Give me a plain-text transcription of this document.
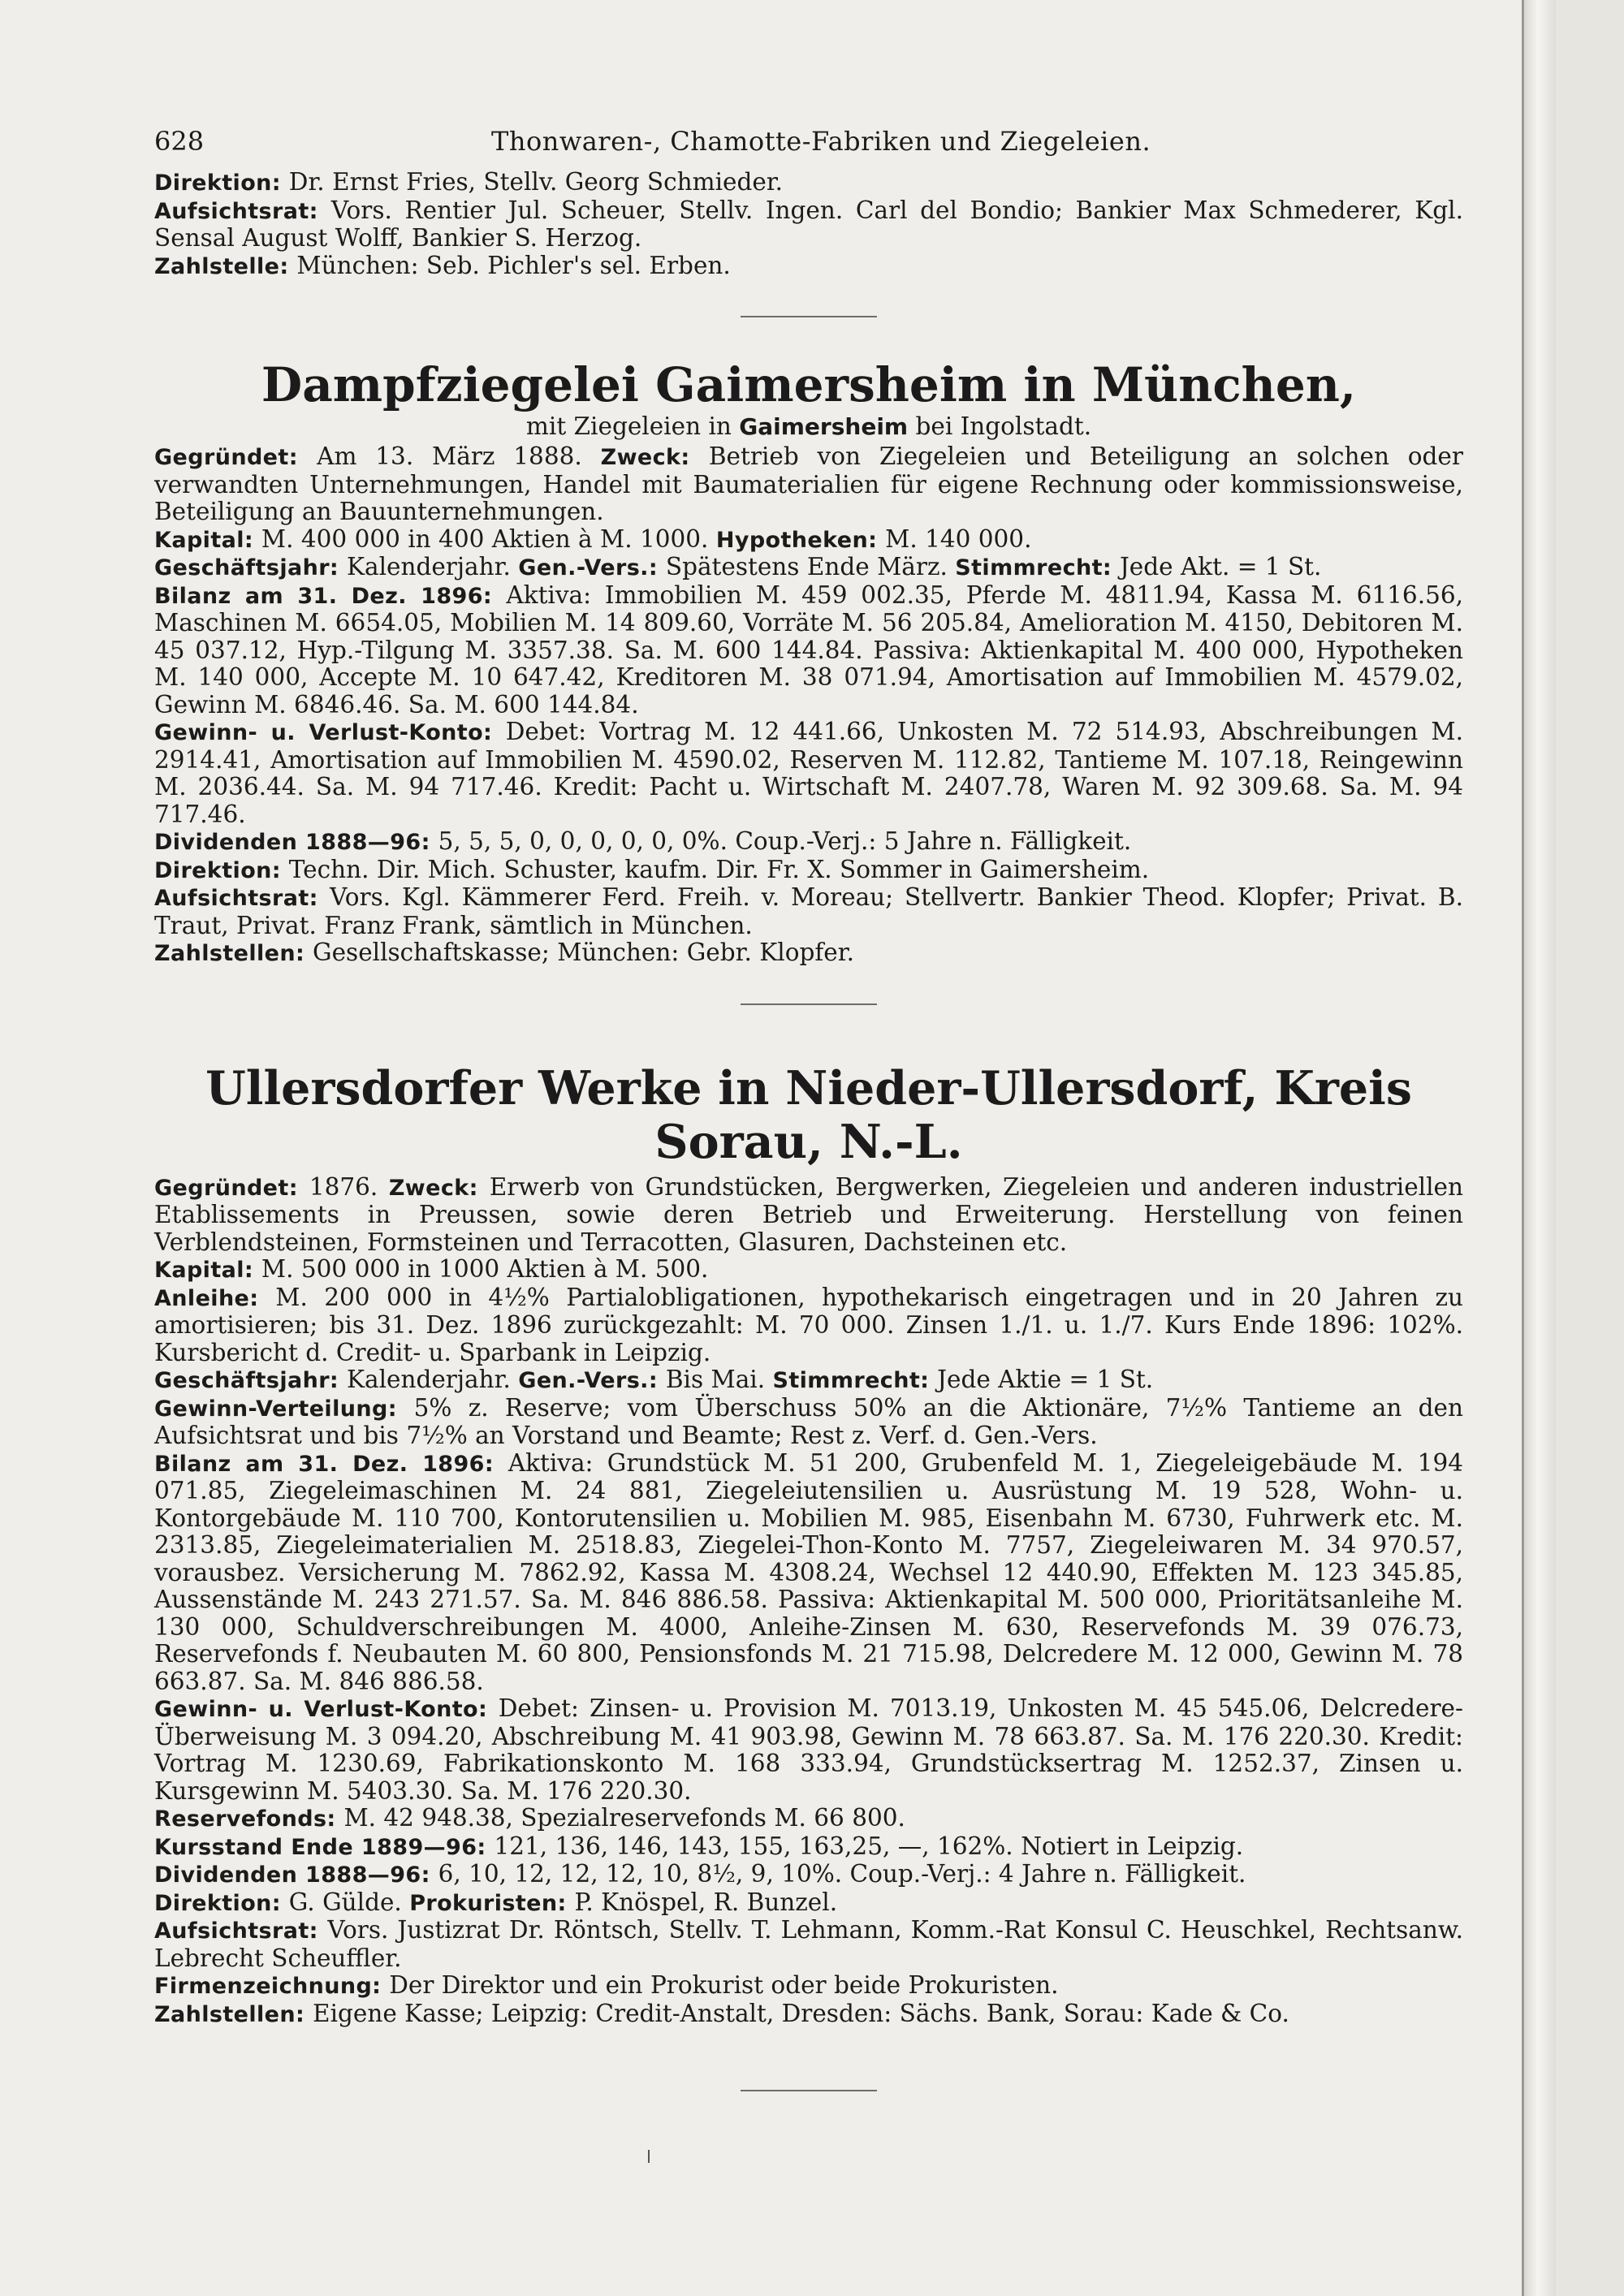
628	Thonwaren-, Chamotte-Fabriken und Ziegeleien.

Direktion: Dr. Ernst Fries, Stellv. Georg Schmieder.

Aufsichtsrat: Vors. Rentier Jul. Scheuer, Stellv. Ingen. Carl del Bondio; Bankier Max Schmederer, Kgl. Sensal August Wolff, Bankier S. Herzog.

Zahlstelle: München: Seb. Pichler's sel. Erben.

Dampfziegelei Gaimersheim in München,
mit Ziegeleien in Gaimersheim bei Ingolstadt.

Gegründet: Am 13. März 1888. Zweck: Betrieb von Ziegeleien und Beteiligung an solchen oder verwandten Unternehmungen, Handel mit Baumaterialien für eigene Rechnung oder kommissionsweise, Beteiligung an Bauunternehmungen.

Kapital: M. 400 000 in 400 Aktien à M. 1000. Hypotheken: M. 140 000.

Geschäftsjahr: Kalenderjahr. Gen.-Vers.: Spätestens Ende März. Stimmrecht: Jede Akt. = 1 St.

Bilanz am 31. Dez. 1896: Aktiva: Immobilien M. 459 002.35, Pferde M. 4811.94, Kassa M. 6116.56, Maschinen M. 6654.05, Mobilien M. 14 809.60, Vorräte M. 56 205.84, Amelioration M. 4150, Debitoren M. 45 037.12, Hyp.-Tilgung M. 3357.38. Sa. M. 600 144.84. Passiva: Aktienkapital M. 400 000, Hypotheken M. 140 000, Accepte M. 10 647.42, Kreditoren M. 38 071.94, Amortisation auf Immobilien M. 4579.02, Gewinn M. 6846.46. Sa. M. 600 144.84.

Gewinn- u. Verlust-Konto: Debet: Vortrag M. 12 441.66, Unkosten M. 72 514.93, Abschreibungen M. 2914.41, Amortisation auf Immobilien M. 4590.02, Reserven M. 112.82, Tantieme M. 107.18, Reingewinn M. 2036.44. Sa. M. 94 717.46. Kredit: Pacht u. Wirtschaft M. 2407.78, Waren M. 92 309.68. Sa. M. 94 717.46.

Dividenden 1888—96: 5, 5, 5, 0, 0, 0, 0, 0, 0%. Coup.-Verj.: 5 Jahre n. Fälligkeit.

Direktion: Techn. Dir. Mich. Schuster, kaufm. Dir. Fr. X. Sommer in Gaimersheim.

Aufsichtsrat: Vors. Kgl. Kämmerer Ferd. Freih. v. Moreau; Stellvertr. Bankier Theod. Klopfer; Privat. B. Traut, Privat. Franz Frank, sämtlich in München.

Zahlstellen: Gesellschaftskasse; München: Gebr. Klopfer.

Ullersdorfer Werke in Nieder-Ullersdorf, Kreis Sorau, N.-L.

Gegründet: 1876. Zweck: Erwerb von Grundstücken, Bergwerken, Ziegeleien und anderen industriellen Etablissements in Preussen, sowie deren Betrieb und Erweiterung. Herstellung von feinen Verblendsteinen, Formsteinen und Terracotten, Glasuren, Dachsteinen etc.

Kapital: M. 500 000 in 1000 Aktien à M. 500.

Anleihe: M. 200 000 in 4½% Partialobligationen, hypothekarisch eingetragen und in 20 Jahren zu amortisieren; bis 31. Dez. 1896 zurückgezahlt: M. 70 000. Zinsen 1./1. u. 1./7. Kurs Ende 1896: 102%. Kursbericht d. Credit- u. Sparbank in Leipzig.

Geschäftsjahr: Kalenderjahr. Gen.-Vers.: Bis Mai. Stimmrecht: Jede Aktie = 1 St.

Gewinn-Verteilung: 5% z. Reserve; vom Überschuss 50% an die Aktionäre, 7½% Tantieme an den Aufsichtsrat und bis 7½% an Vorstand und Beamte; Rest z. Verf. d. Gen.-Vers.

Bilanz am 31. Dez. 1896: Aktiva: Grundstück M. 51 200, Grubenfeld M. 1, Ziegeleigebäude M. 194 071.85, Ziegeleimaschinen M. 24 881, Ziegeleiutensilien u. Ausrüstung M. 19 528, Wohn- u. Kontorgebäude M. 110 700, Kontorutensilien u. Mobilien M. 985, Eisenbahn M. 6730, Fuhrwerk etc. M. 2313.85, Ziegeleimaterialien M. 2518.83, Ziegelei-Thon-Konto M. 7757, Ziegeleiwaren M. 34 970.57, vorausbez. Versicherung M. 7862.92, Kassa M. 4308.24, Wechsel 12 440.90, Effekten M. 123 345.85, Aussenstände M. 243 271.57. Sa. M. 846 886.58. Passiva: Aktienkapital M. 500 000, Prioritätsanleihe M. 130 000, Schuldverschreibungen M. 4000, Anleihe-Zinsen M. 630, Reservefonds M. 39 076.73, Reservefonds f. Neubauten M. 60 800, Pensionsfonds M. 21 715.98, Delcredere M. 12 000, Gewinn M. 78 663.87. Sa. M. 846 886.58.

Gewinn- u. Verlust-Konto: Debet: Zinsen- u. Provision M. 7013.19, Unkosten M. 45 545.06, Delcredere-Überweisung M. 3 094.20, Abschreibung M. 41 903.98, Gewinn M. 78 663.87. Sa. M. 176 220.30. Kredit: Vortrag M. 1230.69, Fabrikationskonto M. 168 333.94, Grundstücksertrag M. 1252.37, Zinsen u. Kursgewinn M. 5403.30. Sa. M. 176 220.30.

Reservefonds: M. 42 948.38, Spezialreservefonds M. 66 800.

Kursstand Ende 1889—96: 121, 136, 146, 143, 155, 163,25, —, 162%. Notiert in Leipzig.

Dividenden 1888—96: 6, 10, 12, 12, 12, 10, 8½, 9, 10%. Coup.-Verj.: 4 Jahre n. Fälligkeit.

Direktion: G. Gülde. Prokuristen: P. Knöspel, R. Bunzel.

Aufsichtsrat: Vors. Justizrat Dr. Röntsch, Stellv. T. Lehmann, Komm.-Rat Konsul C. Heuschkel, Rechtsanw. Lebrecht Scheuffler.

Firmenzeichnung: Der Direktor und ein Prokurist oder beide Prokuristen.

Zahlstellen: Eigene Kasse; Leipzig: Credit-Anstalt, Dresden: Sächs. Bank, Sorau: Kade & Co.
